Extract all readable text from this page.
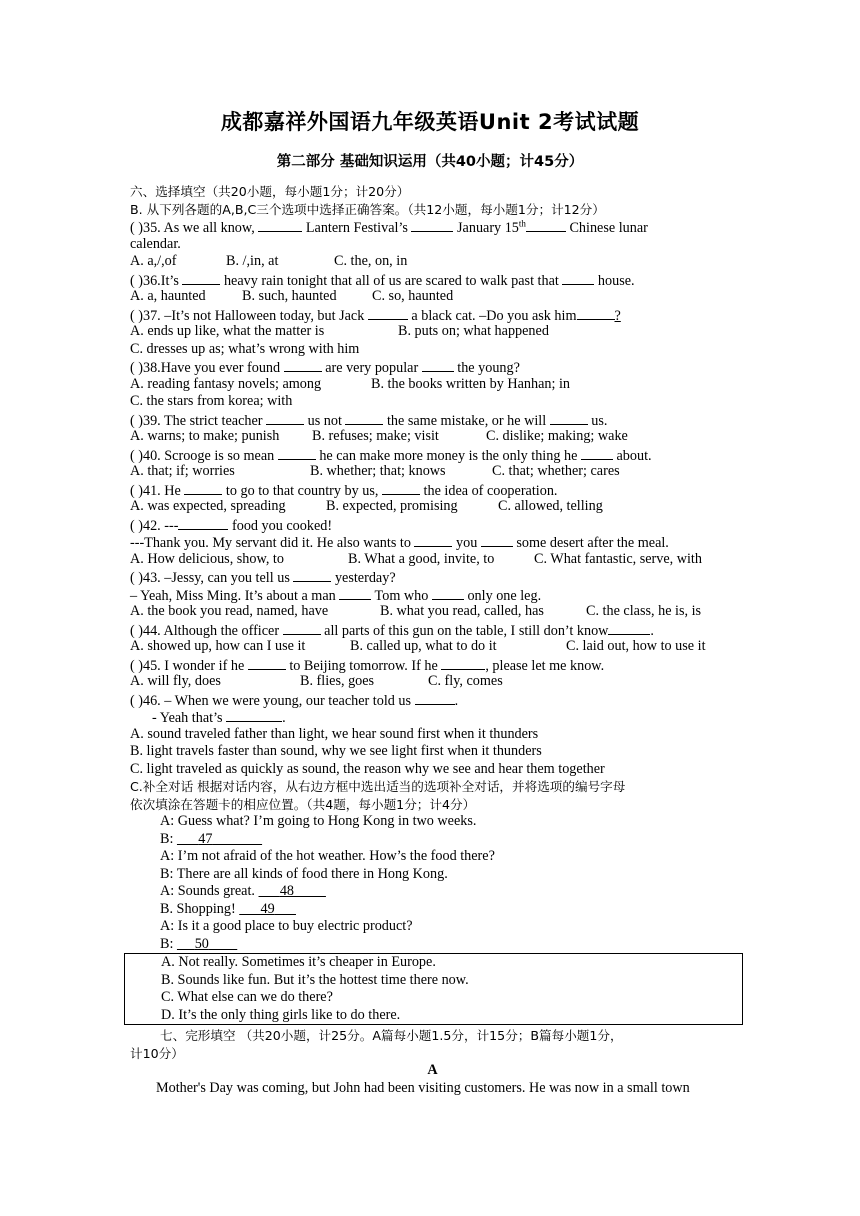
成都嘉祥外国语九年级英语Unit 2考试试题
第二部分 基础知识运用（共40小题；计45分）
六、选择填空（共20小题，每小题1分；计20分）
B. 从下列各题的A,B,C三个选项中选择正确答案。（共12小题，每小题1分；计12分）
( )35. As we all know,	Lantern Festival’s	January 15th	Chinese lunar
calendar.
A. a,/,of	B. /,in, at	C. the, on, in
( )36.It’s	heavy rain tonight that all of us are scared to walk past that  house.
A. a, haunted	B. such, haunted	C. so, haunted
( )37. –It’s not Halloween today, but Jack	a black cat. –Do you ask him	?
A. ends up like, what the matter is	B. puts on; what happened
C. dresses up as; what’s wrong with him
( )38.Have you ever found	are very popular  the young?
A. reading fantasy novels; among	B. the books written by Hanhan; in
C. the stars from korea; with
( )39. The strict teacher	us not	the same mistake, or he will	us.
A. warns; to make; punish	B. refuses; make; visit	C. dislike; making; wake
( )40. Scrooge is so mean	he can make more money is the only thing he  about.
A. that; if; worries	B. whether; that; knows	C. that; whether; cares
( )41. He	to go to that country by us,	the idea of cooperation.
A. was expected, spreading	B. expected, promising	C. allowed, telling
( )42. ---	food you cooked!
---Thank you. My servant did it. He also wants to	you  some desert after the meal.
A. How delicious, show, to	B. What a good, invite, to	C. What fantastic, serve, with
( )43. –Jessy, can you tell us	yesterday?
– Yeah, Miss Ming. It’s about a man  Tom who  only one leg.
A. the book you read, named, have	B. what you read, called, has	C. the class, he is, is
( )44. Although the officer	all parts of this gun on the table, I still don’t know	.
A. showed up, how can I use it	B. called up, what to do it	C. laid out, how to use it
( )45. I wonder if he	to Beijing tomorrow. If he	, please let me know.
A. will fly, does	B. flies, goes	C. fly, comes
( )46. – When we were young, our teacher told us	.
- Yeah that’s	.
A. sound traveled father than light, we hear sound first when it thunders
B. light travels faster than sound, why we see light first when it thunders
C. light traveled as quickly as sound, the reason why we see and hear them together
C.补全对话 根据对话内容，从右边方框中选出适当的选项补全对话，并将选项的编号字母
依次填涂在答题卡的相应位置。（共4题，每小题1分；计4分）
A: Guess what? I’m going to Hong Kong in two weeks.
B:       47
A: I’m not afraid of the hot weather. How’s the food there?
B: There are all kinds of food there in Hong Kong.
A: Sounds great.       48
B. Shopping!       49
A: Is it a good place to buy electric product?
B:      50
A. Not really. Sometimes it’s cheaper in Europe.
B. Sounds like fun. But it’s the hottest time there now.
C. What else can we do there?
D. It’s the only thing girls like to do there.
七、完形填空 （共20小题，计25分。A篇每小题1.5分，计15分；B篇每小题1分，
计10分）
A
Mother's Day was coming, but John had been visiting customers. He was now in a small town
